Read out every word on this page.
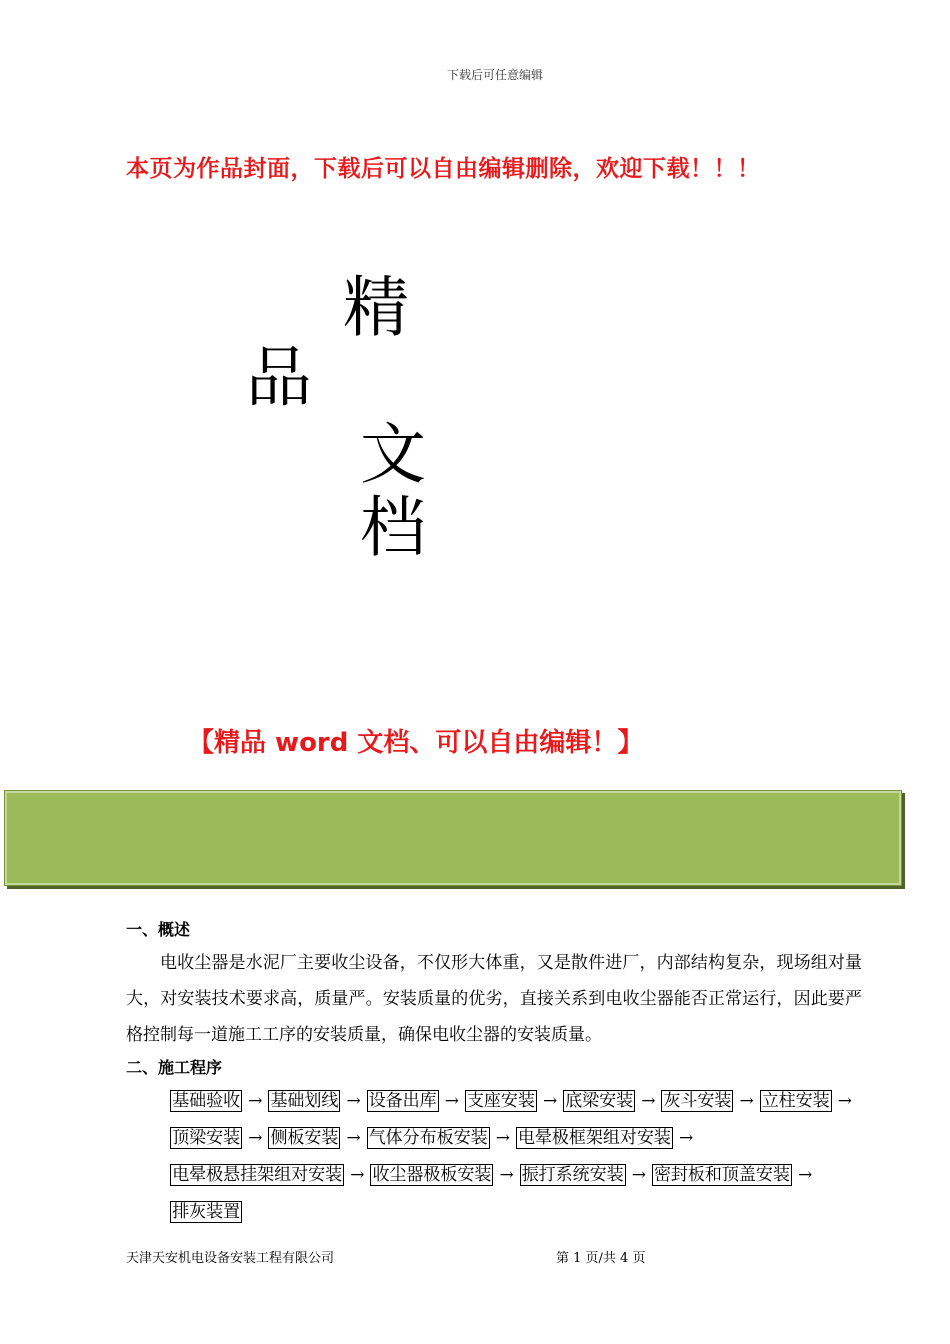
下载后可任意编辑
本页为作品封面，下载后可以自由编辑删除，欢迎下载！！！
精
品
文
档
【精品 word 文档、可以自由编辑！】
一、概述
电收尘器是水泥厂主要收尘设备，不仅形大体重，又是散件进厂，内部结构复杂，现场组对量大，对安装技术要求高，质量严。安装质量的优劣，直接关系到电收尘器能否正常运行，因此要严格控制每一道施工工序的安装质量，确保电收尘器的安装质量。
二、施工程序
基础验收 → 基础划线 → 设备出库 → 支座安装 → 底梁安装 → 灰斗安装 → 立柱安装 →顶梁安装 → 侧板安装 → 气体分布板安装 → 电晕极框架组对安装 →电晕极悬挂架组对安装 → 收尘器极板安装 → 振打系统安装 → 密封板和顶盖安装 →排灰装置
天津天安机电设备安装工程有限公司	第 1 页/共 4 页
